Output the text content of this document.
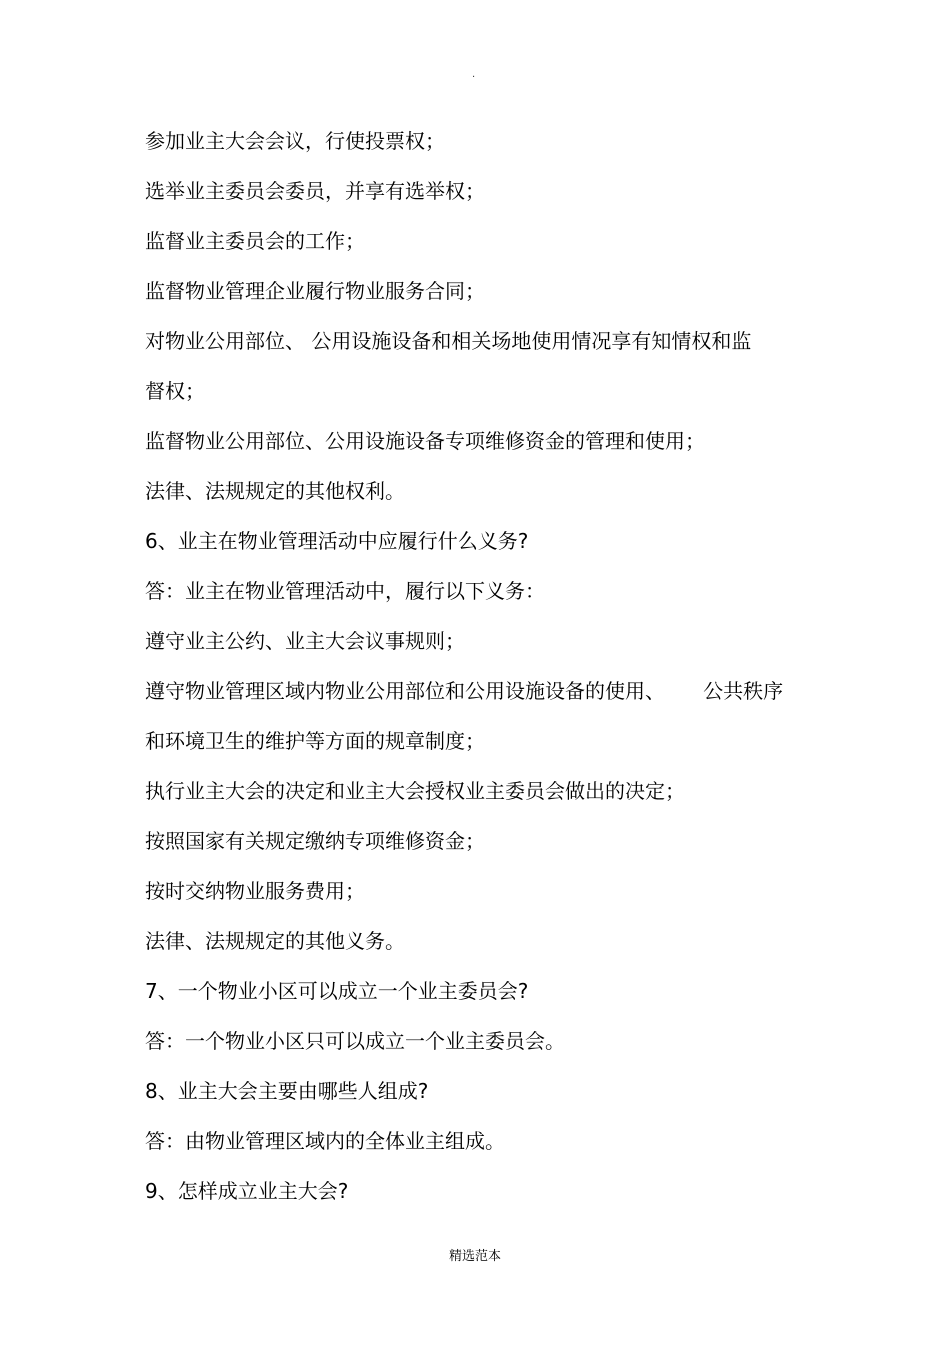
.
参加业主大会会议，行使投票权；
选举业主委员会委员，并享有选举权；
监督业主委员会的工作；
监督物业管理企业履行物业服务合同；
对物业公用部位、 公用设施设备和相关场地使用情况享有知情权和监
督权；
监督物业公用部位、公用设施设备专项维修资金的管理和使用；
法律、法规规定的其他权利。
6、业主在物业管理活动中应履行什么义务?
答：业主在物业管理活动中，履行以下义务：
遵守业主公约、业主大会议事规则；
遵守物业管理区域内物业公用部位和公用设施设备的使用、      公共秩序
和环境卫生的维护等方面的规章制度；
执行业主大会的决定和业主大会授权业主委员会做出的决定；
按照国家有关规定缴纳专项维修资金；
按时交纳物业服务费用；
法律、法规规定的其他义务。
7、一个物业小区可以成立一个业主委员会?
答：一个物业小区只可以成立一个业主委员会。
8、业主大会主要由哪些人组成?
答：由物业管理区域内的全体业主组成。
9、怎样成立业主大会?
精选范本
